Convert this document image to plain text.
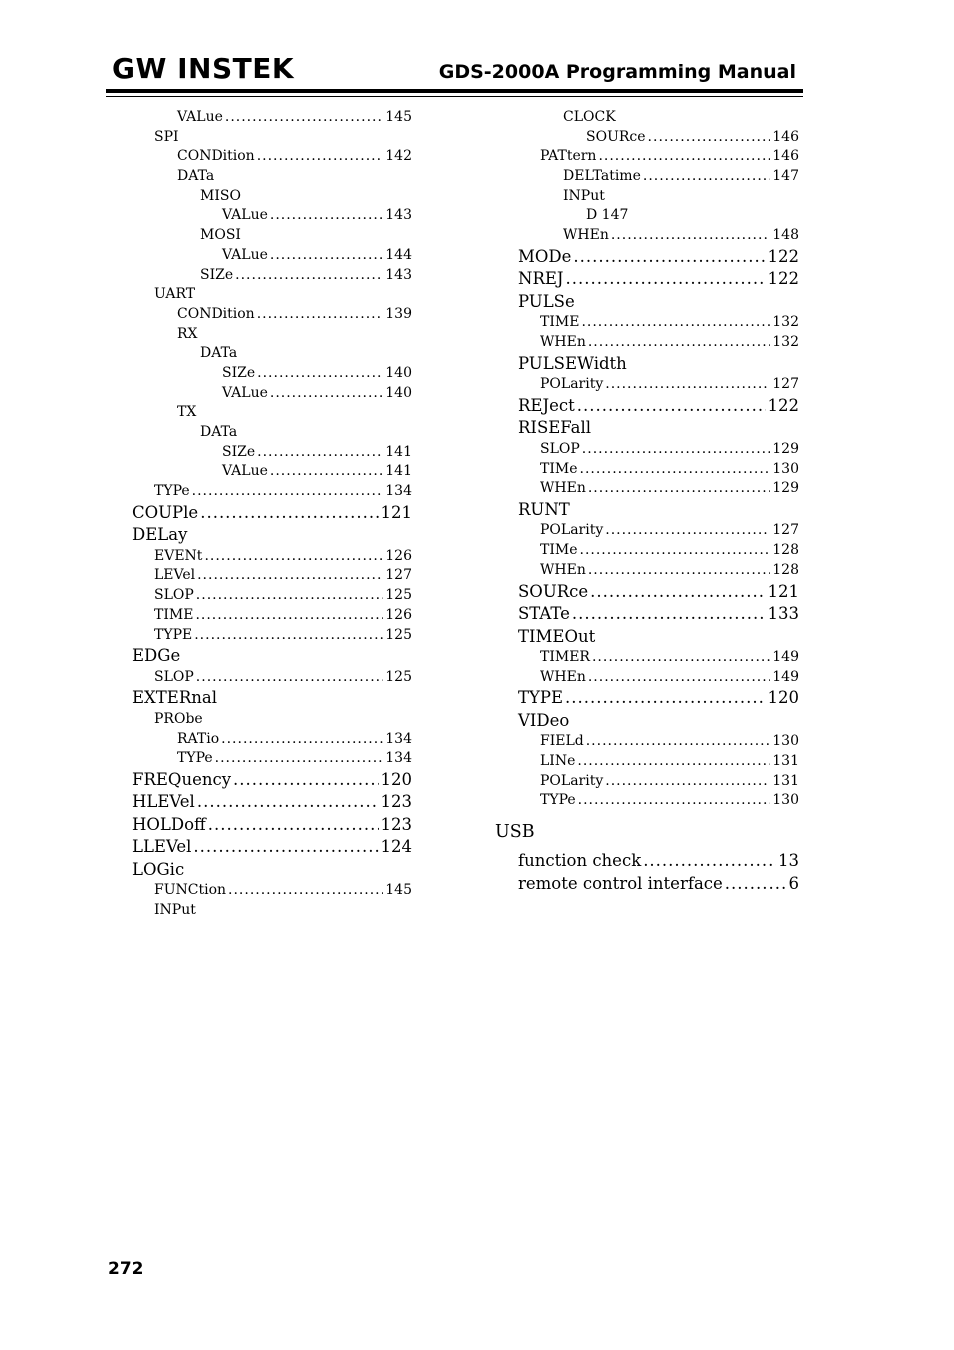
GW INSTEK	GDS-2000A Programming Manual
VALue .....	145
SPI
CONDition .....	142
DATa
MISO
VALue .....	143
MOSI
VALue .....	144
SIZe .....	143
UART
CONDition .....	139
RX
DATa
SIZe .....	140
VALue .....	140
TX
DATa
SIZe .....	141
VALue .....	141
TYPe .....	134
COUPle .....	121
DELay
EVENt .....	126
LEVel .....	127
SLOP .....	125
TIME .....	126
TYPE .....	125
EDGe
SLOP .....	125
EXTERnal
PRObe
RATio .....	134
TYPe .....	134
FREQuency .....	120
HLEVel .....	123
HOLDoff .....	123
LLEVel .....	124
LOGic
FUNCtion .....	145
INPut
CLOCK
SOURce .....	146
PATtern .....	146
DELTatime .....	147
INPut
D 147
WHEn .....	148
MODe .....	122
NREJ .....	122
PULSe
TIME .....	132
WHEn .....	132
PULSEWidth
POLarity .....	127
REJect .....	122
RISEFall
SLOP .....	129
TIMe .....	130
WHEn .....	129
RUNT
POLarity .....	127
TIMe .....	128
WHEn .....	128
SOURce .....	121
STATe .....	133
TIMEOut
TIMER .....	149
WHEn .....	149
TYPE .....	120
VIDeo
FIELd .....	130
LINe .....	131
POLarity .....	131
TYPe .....	130
USB
function check .....	13
remote control interface .....	6
272
